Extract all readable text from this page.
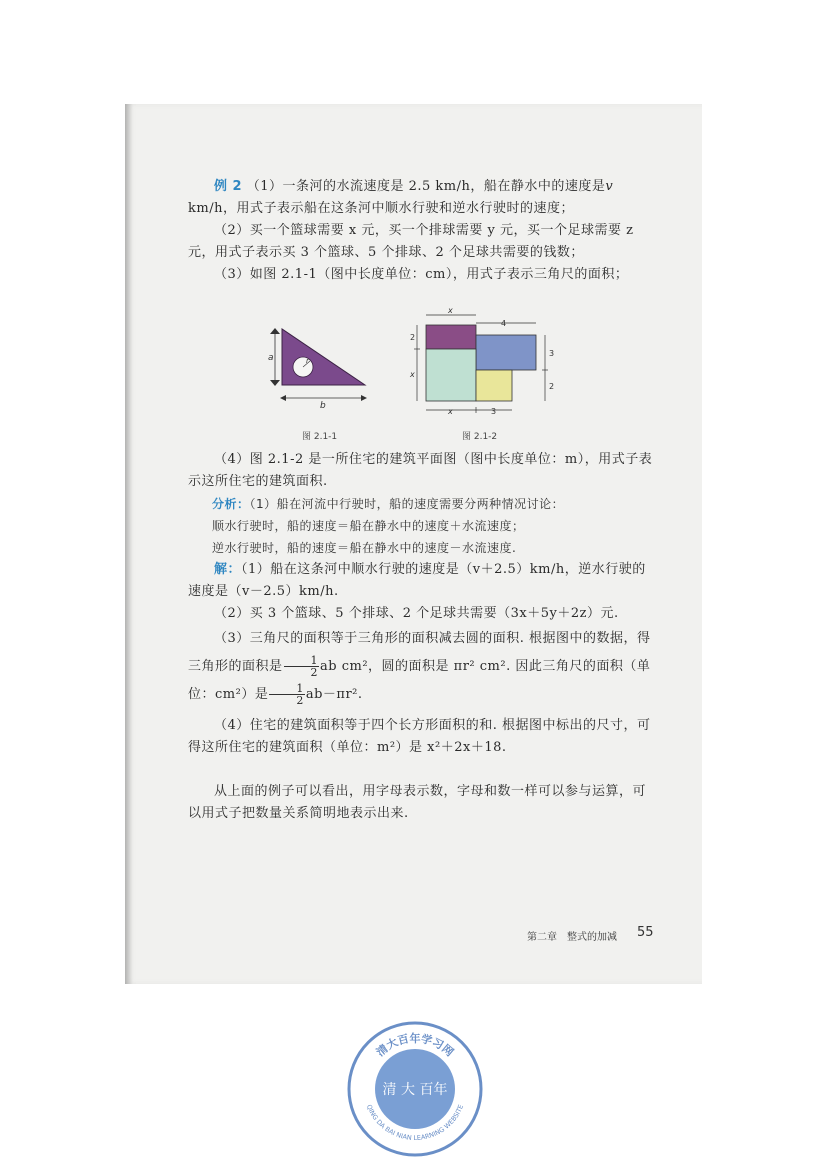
例 2 （1）一条河的水流速度是 2.5 km/h，船在静水中的速度是v km/h，用式子表示船在这条河中顺水行驶和逆水行驶时的速度；

（2）买一个篮球需要 x 元，买一个排球需要 y 元，买一个足球需要 z 元，用式子表示买 3 个篮球、5 个排球、2 个足球共需要的钱数；

（3）如图 2.1-1（图中长度单位：cm），用式子表示三角尺的面积；

a	r
b
图 2.1-1
x
4
2
x
3
2
x	3
图 2.1-2

（4）图 2.1-2 是一所住宅的建筑平面图（图中长度单位：m），用式子表示这所住宅的建筑面积.

分析：（1）船在河流中行驶时，船的速度需要分两种情况讨论：

顺水行驶时，船的速度＝船在静水中的速度＋水流速度；

逆水行驶时，船的速度＝船在静水中的速度－水流速度.

解：（1）船在这条河中顺水行驶的速度是（v＋2.5）km/h，逆水行驶的速度是（v－2.5）km/h.

（2）买 3 个篮球、5 个排球、2 个足球共需要（3x＋5y＋2z）元.

（3）三角尺的面积等于三角形的面积减去圆的面积. 根据图中的数据，得三角形的面积是 $\frac{1}{2}$ ab cm²，圆的面积是 πr² cm². 因此三角尺的面积（单位：cm²）是 $\frac{1}{2} ab-\pi r^2$.

（4）住宅的建筑面积等于四个长方形面积的和. 根据图中标出的尺寸，可得这所住宅的建筑面积（单位：m²）是 x²＋2x＋18.

从上面的例子可以看出，用字母表示数，字母和数一样可以参与运算，可以用式子把数量关系简明地表示出来.

第二章　整式的加减 55
清大百年学习网
QING DA BAI NIAN LEARNING WEBSITE
清 大 百年
